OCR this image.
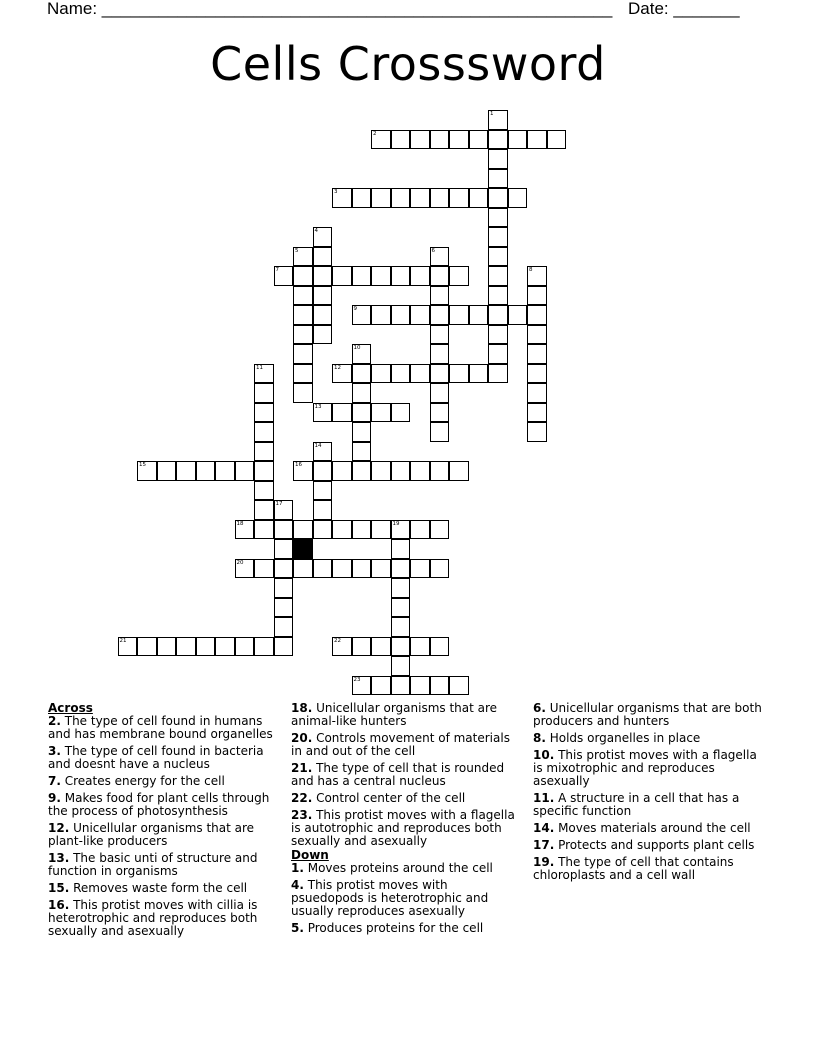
Name: ______________________________________________________ Date: _______
Cells Crosssword
1
2
3
4
5	6
7	8
9
10
11	12
13
14
15	16
17
18	19
20
21	22
23
Across
2. The type of cell found in humans and has membrane bound organelles
3. The type of cell found in bacteria and doesnt have a nucleus
7. Creates energy for the cell
9. Makes food for plant cells through the process of photosynthesis
12. Unicellular organisms that are plant-like producers
13. The basic unti of structure and function in organisms
15. Removes waste form the cell
16. This protist moves with cillia is heterotrophic and reproduces both sexually and asexually
18. Unicellular organisms that are animal-like hunters
20. Controls movement of materials in and out of the cell
21. The type of cell that is rounded and has a central nucleus
22. Control center of the cell
23. This protist moves with a flagella is autotrophic and reproduces both sexually and asexually
Down
1. Moves proteins around the cell
4. This protist moves with psuedopods is heterotrophic and usually reproduces asexually
5. Produces proteins for the cell
6. Unicellular organisms that are both producers and hunters
8. Holds organelles in place
10. This protist moves with a flagella is mixotrophic and reproduces asexually
11. A structure in a cell that has a specific function
14. Moves materials around the cell
17. Protects and supports plant cells
19. The type of cell that contains chloroplasts and a cell wall
